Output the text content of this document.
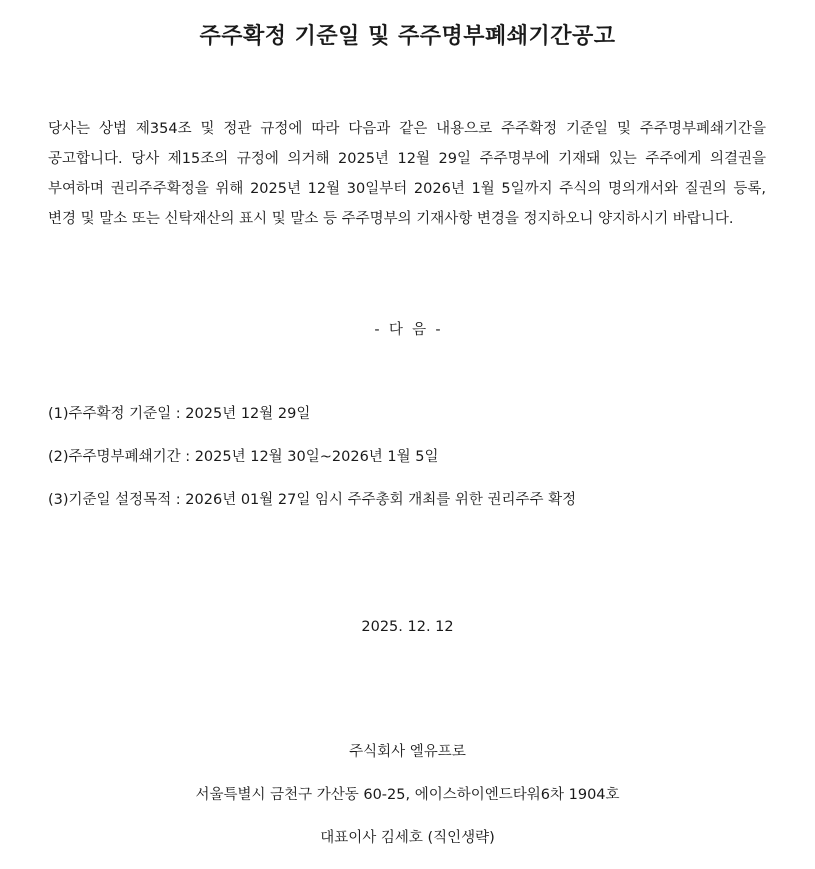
주주확정 기준일 및 주주명부폐쇄기간공고
당사는 상법 제354조 및 정관 규정에 따라 다음과 같은 내용으로 주주확정 기준일 및 주주명부폐쇄기간을 공고합니다. 당사 제15조의 규정에 의거해 2025년 12월 29일 주주명부에 기재돼 있는 주주에게 의결권을 부여하며 권리주주확정을 위해 2025년 12월 30일부터 2026년 1월 5일까지 주식의 명의개서와 질권의 등록, 변경 및 말소 또는 신탁재산의 표시 및 말소 등 주주명부의 기재사항 변경을 정지하오니 양지하시기 바랍니다.
-  다  음  -
(1)주주확정 기준일 : 2025년 12월 29일
(2)주주명부폐쇄기간 : 2025년 12월 30일~2026년 1월 5일
(3)기준일 설정목적 : 2026년 01월 27일 임시 주주총회 개최를 위한 권리주주 확정
2025. 12. 12
주식회사 엘유프로
서울특별시 금천구 가산동 60-25, 에이스하이엔드타워6차 1904호
대표이사 김세호 (직인생략)
